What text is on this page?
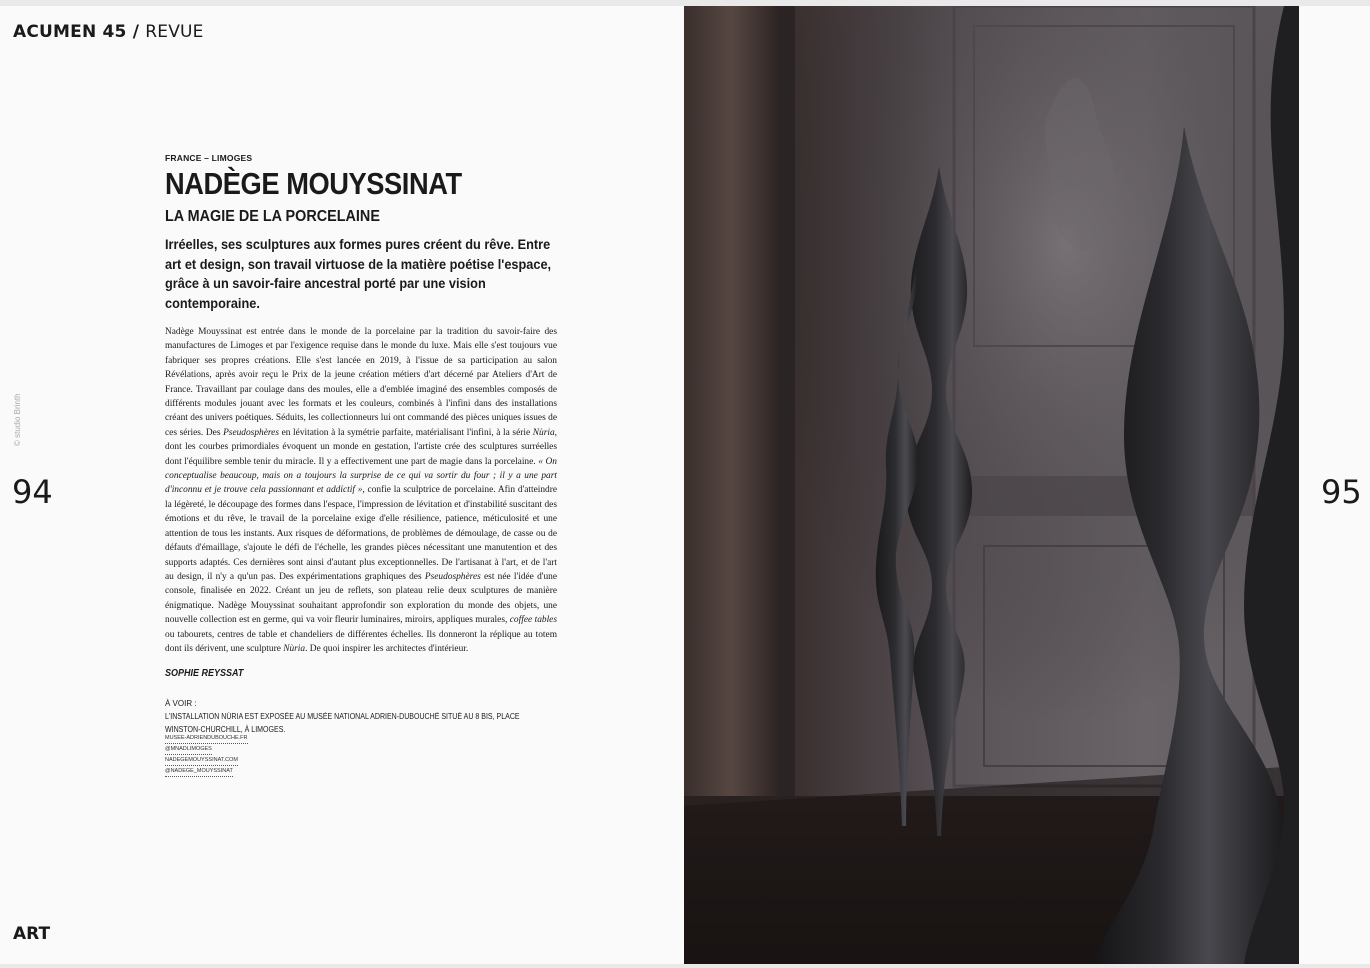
ACUMEN 45 / REVUE
© studio Brinth
94	95
ART
FRANCE – LIMOGES
NADÈGE MOUYSSINAT
LA MAGIE DE LA PORCELAINE
Irréelles, ses sculptures aux formes pures créent du rêve. Entre art et design, son travail virtuose de la matière poétise l'espace, grâce à un savoir-faire ancestral porté par une vision contemporaine.
Nadège Mouyssinat est entrée dans le monde de la porcelaine par la tradition du savoir-faire des manufactures de Limoges et par l'exigence requise dans le monde du luxe. Mais elle s'est toujours vue fabriquer ses propres créations. Elle s'est lancée en 2019, à l'issue de sa participation au salon Révélations, après avoir reçu le Prix de la jeune création métiers d'art décerné par Ateliers d'Art de France. Travaillant par coulage dans des moules, elle a d'emblée imaginé des ensembles composés de différents modules jouant avec les formats et les couleurs, combinés à l'infini dans des installations créant des univers poétiques. Séduits, les collectionneurs lui ont commandé des pièces uniques issues de ces séries. Des Pseudosphères en lévitation à la symétrie parfaite, matérialisant l'infini, à la série Nùria, dont les courbes primordiales évoquent un monde en gestation, l'artiste crée des sculptures surréelles dont l'équilibre semble tenir du miracle. Il y a effectivement une part de magie dans la porcelaine. « On conceptualise beaucoup, mais on a toujours la surprise de ce qui va sortir du four ; il y a une part d'inconnu et je trouve cela passionnant et addictif », confie la sculptrice de porcelaine. Afin d'atteindre la légèreté, le découpage des formes dans l'espace, l'impression de lévitation et d'instabilité suscitant des émotions et du rêve, le travail de la porcelaine exige d'elle résilience, patience, méticulosité et une attention de tous les instants. Aux risques de déformations, de problèmes de démoulage, de casse ou de défauts d'émaillage, s'ajoute le défi de l'échelle, les grandes pièces nécessitant une manutention et des supports adaptés. Ces dernières sont ainsi d'autant plus exceptionnelles. De l'artisanat à l'art, et de l'art au design, il n'y a qu'un pas. Des expérimentations graphiques des Pseudosphères est née l'idée d'une console, finalisée en 2022. Créant un jeu de reflets, son plateau relie deux sculptures de manière énigmatique. Nadège Mouyssinat souhaitant approfondir son exploration du monde des objets, une nouvelle collection est en germe, qui va voir fleurir luminaires, miroirs, appliques murales, coffee tables ou tabourets, centres de table et chandeliers de différentes échelles. Ils donneront la réplique au totem dont ils dérivent, une sculpture Nùria. De quoi inspirer les architectes d'intérieur.
SOPHIE REYSSAT
À VOIR :
L'INSTALLATION NÚRIA EST EXPOSÉE AU MUSÉE NATIONAL ADRIEN-DUBOUCHÉ SITUÉ AU 8 BIS, PLACE WINSTON-CHURCHILL, À LIMOGES.
MUSEE-ADRIENDUBOUCHE.FR
@MNADLIMOGES
NADEGEMOUYSSINAT.COM
@NADEGE_MOUYSSINAT
